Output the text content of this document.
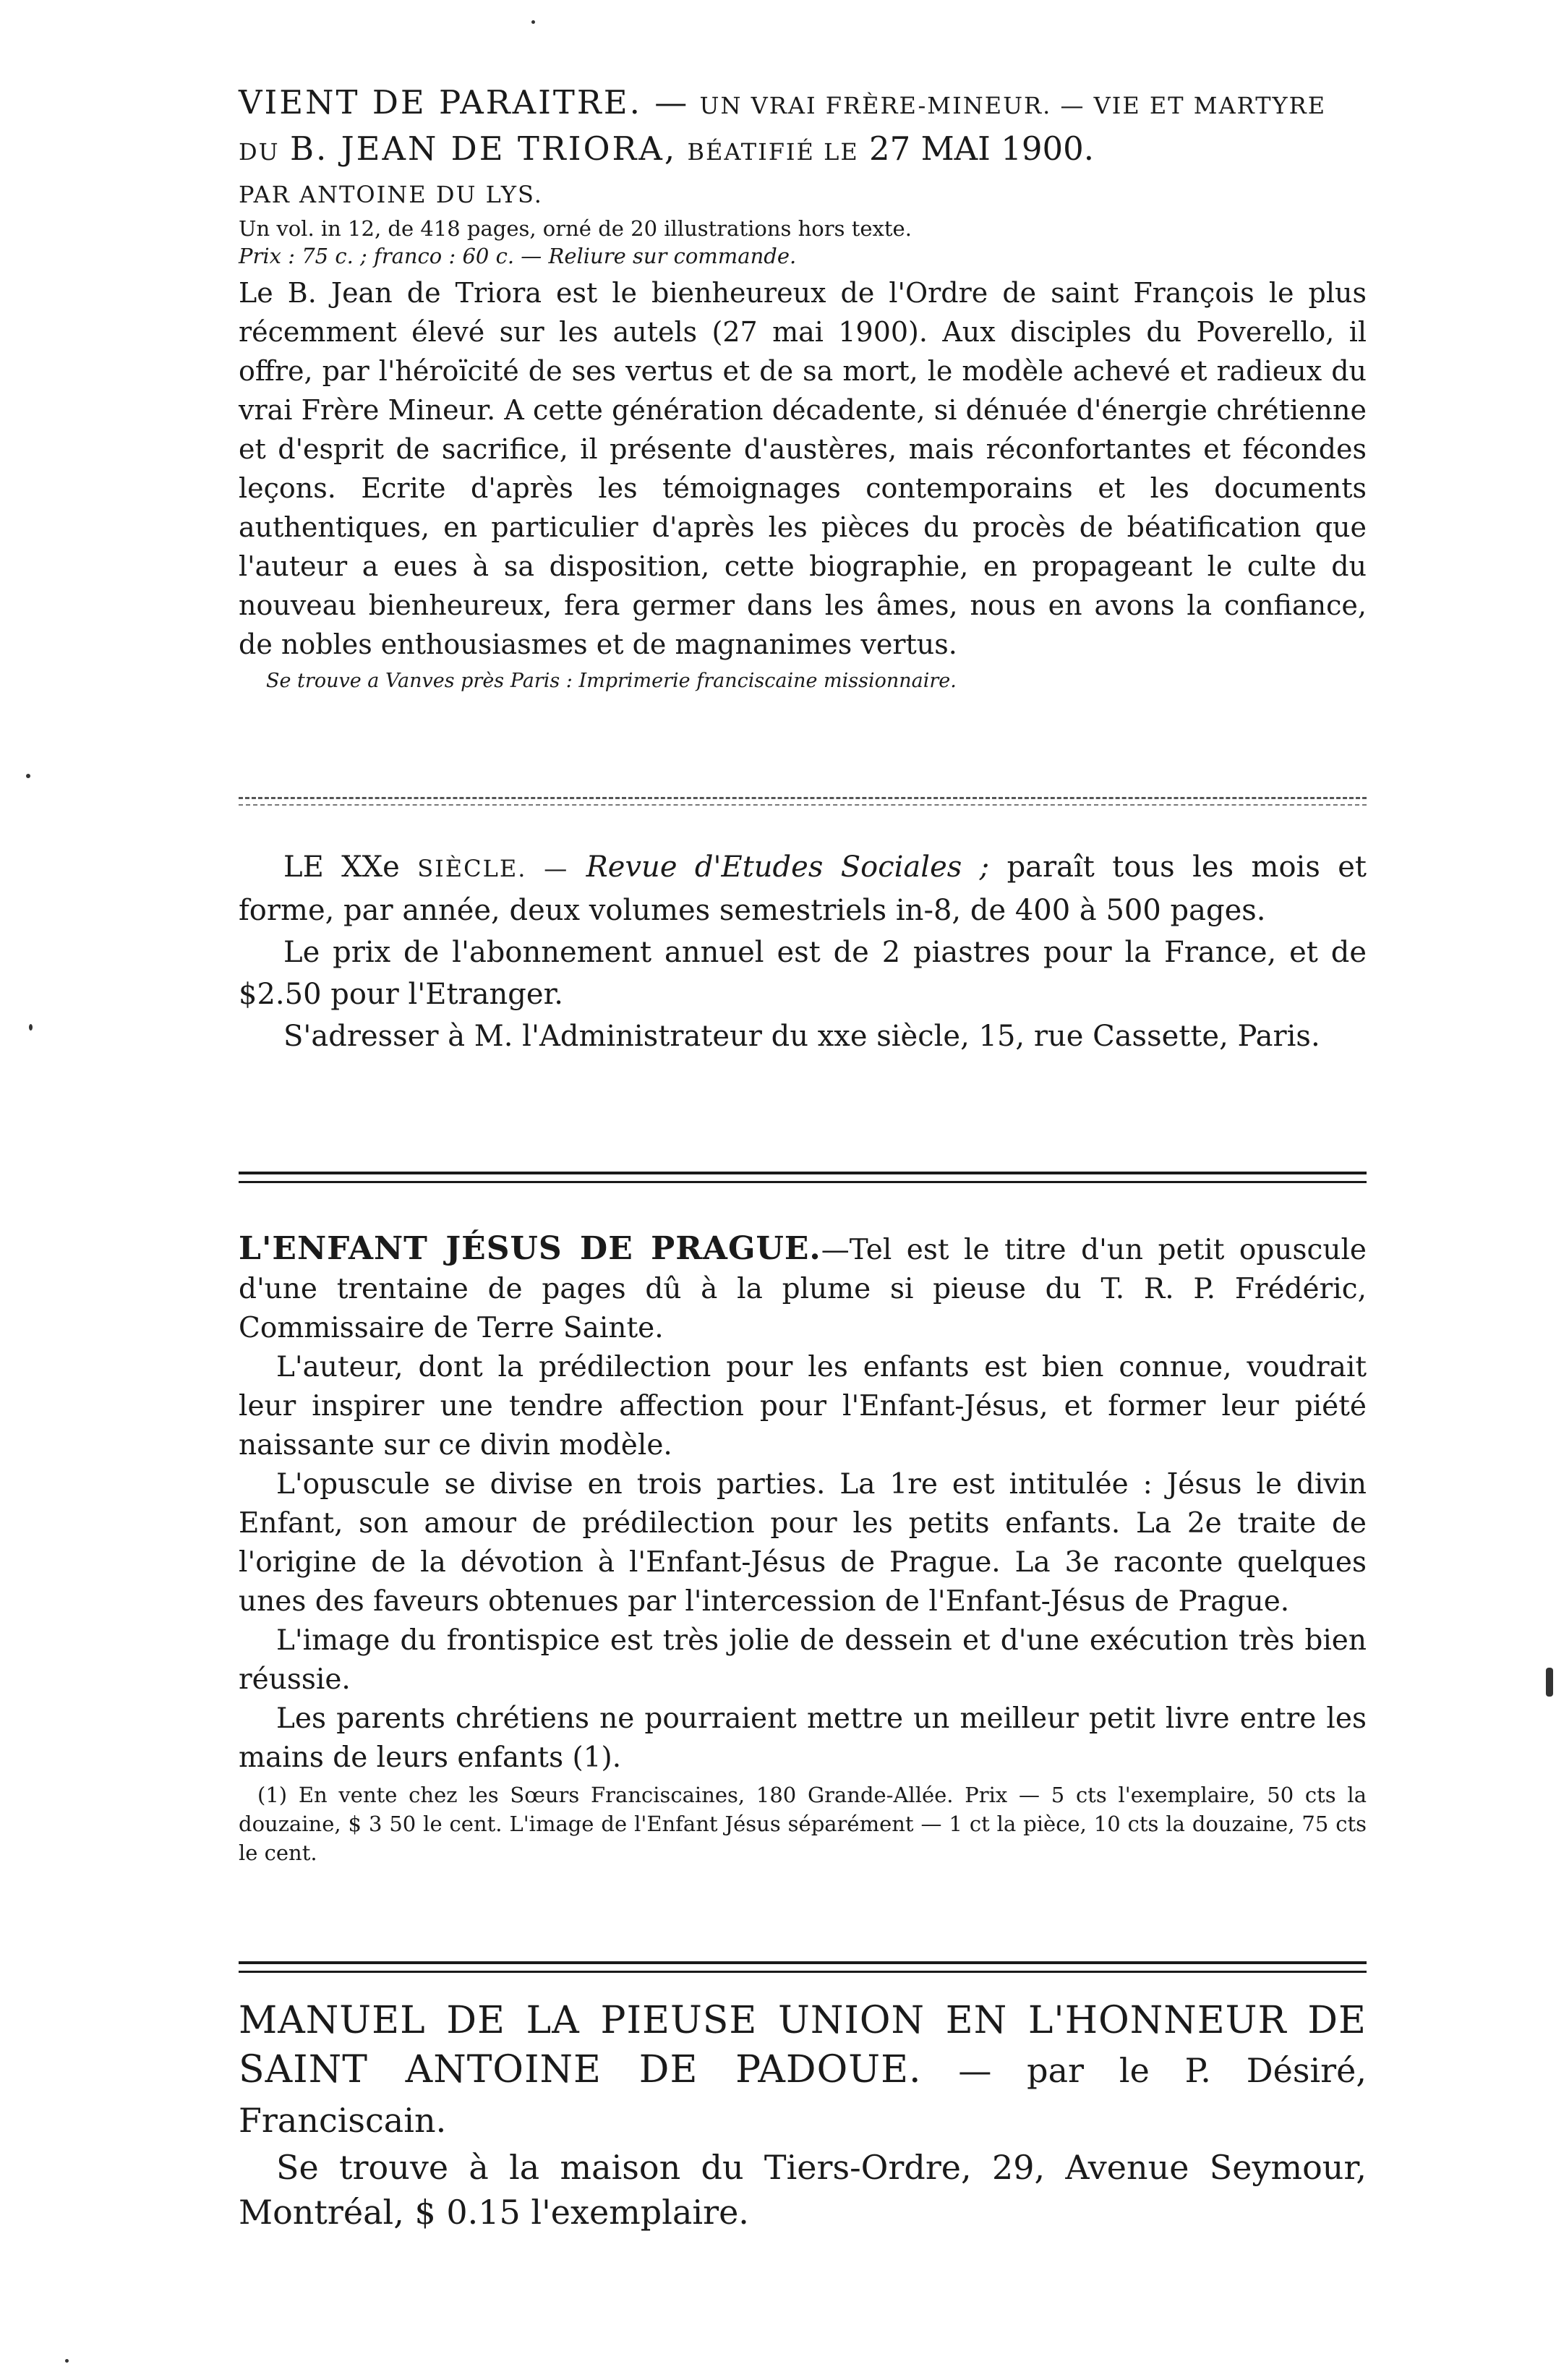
VIENT DE PARAITRE. — UN VRAI FRÈRE-MINEUR. — VIE ET MARTYRE DU B. JEAN DE TRIORA, BÉATIFIÉ LE 27 MAI 1900.

PAR ANTOINE DU LYS.

Un vol. in 12, de 418 pages, orné de 20 illustrations hors texte.

Prix : 75 c. ; franco : 60 c. — Reliure sur commande.

Le B. Jean de Triora est le bienheureux de l'Ordre de saint François le plus récemment élevé sur les autels (27 mai 1900). Aux disciples du Poverello, il offre, par l'héroïcité de ses vertus et de sa mort, le modèle achevé et radieux du vrai Frère Mineur. A cette génération décadente, si dénuée d'énergie chrétienne et d'esprit de sacrifice, il présente d'austères, mais réconfortantes et fécondes leçons. Ecrite d'après les témoignages contemporains et les documents authentiques, en particulier d'après les pièces du procès de béatification que l'auteur a eues à sa disposition, cette biographie, en propageant le culte du nouveau bienheureux, fera germer dans les âmes, nous en avons la confiance, de nobles enthousiasmes et de magnanimes vertus.

Se trouve a Vanves près Paris : Imprimerie franciscaine missionnaire.

LE XXe SIÈCLE. — Revue d'Etudes Sociales ; paraît tous les mois et forme, par année, deux volumes semestriels in-8, de 400 à 500 pages.

Le prix de l'abonnement annuel est de 2 piastres pour la France, et de $2.50 pour l'Etranger.

S'adresser à M. l'Administrateur du xxe siècle, 15, rue Cassette, Paris.

L'ENFANT JÉSUS DE PRAGUE.—Tel est le titre d'un petit opuscule d'une trentaine de pages dû à la plume si pieuse du T. R. P. Frédéric, Commissaire de Terre Sainte.

L'auteur, dont la prédilection pour les enfants est bien connue, voudrait leur inspirer une tendre affection pour l'Enfant-Jésus, et former leur piété naissante sur ce divin modèle.

L'opuscule se divise en trois parties. La 1re est intitulée : Jésus le divin Enfant, son amour de prédilection pour les petits enfants. La 2e traite de l'origine de la dévotion à l'Enfant-Jésus de Prague. La 3e raconte quelques unes des faveurs obtenues par l'intercession de l'Enfant-Jésus de Prague.

L'image du frontispice est très jolie de dessein et d'une exécution très bien réussie.

Les parents chrétiens ne pourraient mettre un meilleur petit livre entre les mains de leurs enfants (1).

(1) En vente chez les Sœurs Franciscaines, 180 Grande-Allée. Prix — 5 cts l'exemplaire, 50 cts la douzaine, $ 3 50 le cent. L'image de l'Enfant Jésus séparément — 1 ct la pièce, 10 cts la douzaine, 75 cts le cent.

MANUEL DE LA PIEUSE UNION EN L'HONNEUR DE SAINT ANTOINE DE PADOUE. — par le P. Désiré, Franciscain.

Se trouve à la maison du Tiers-Ordre, 29, Avenue Seymour, Montréal, $ 0.15 l'exemplaire.
